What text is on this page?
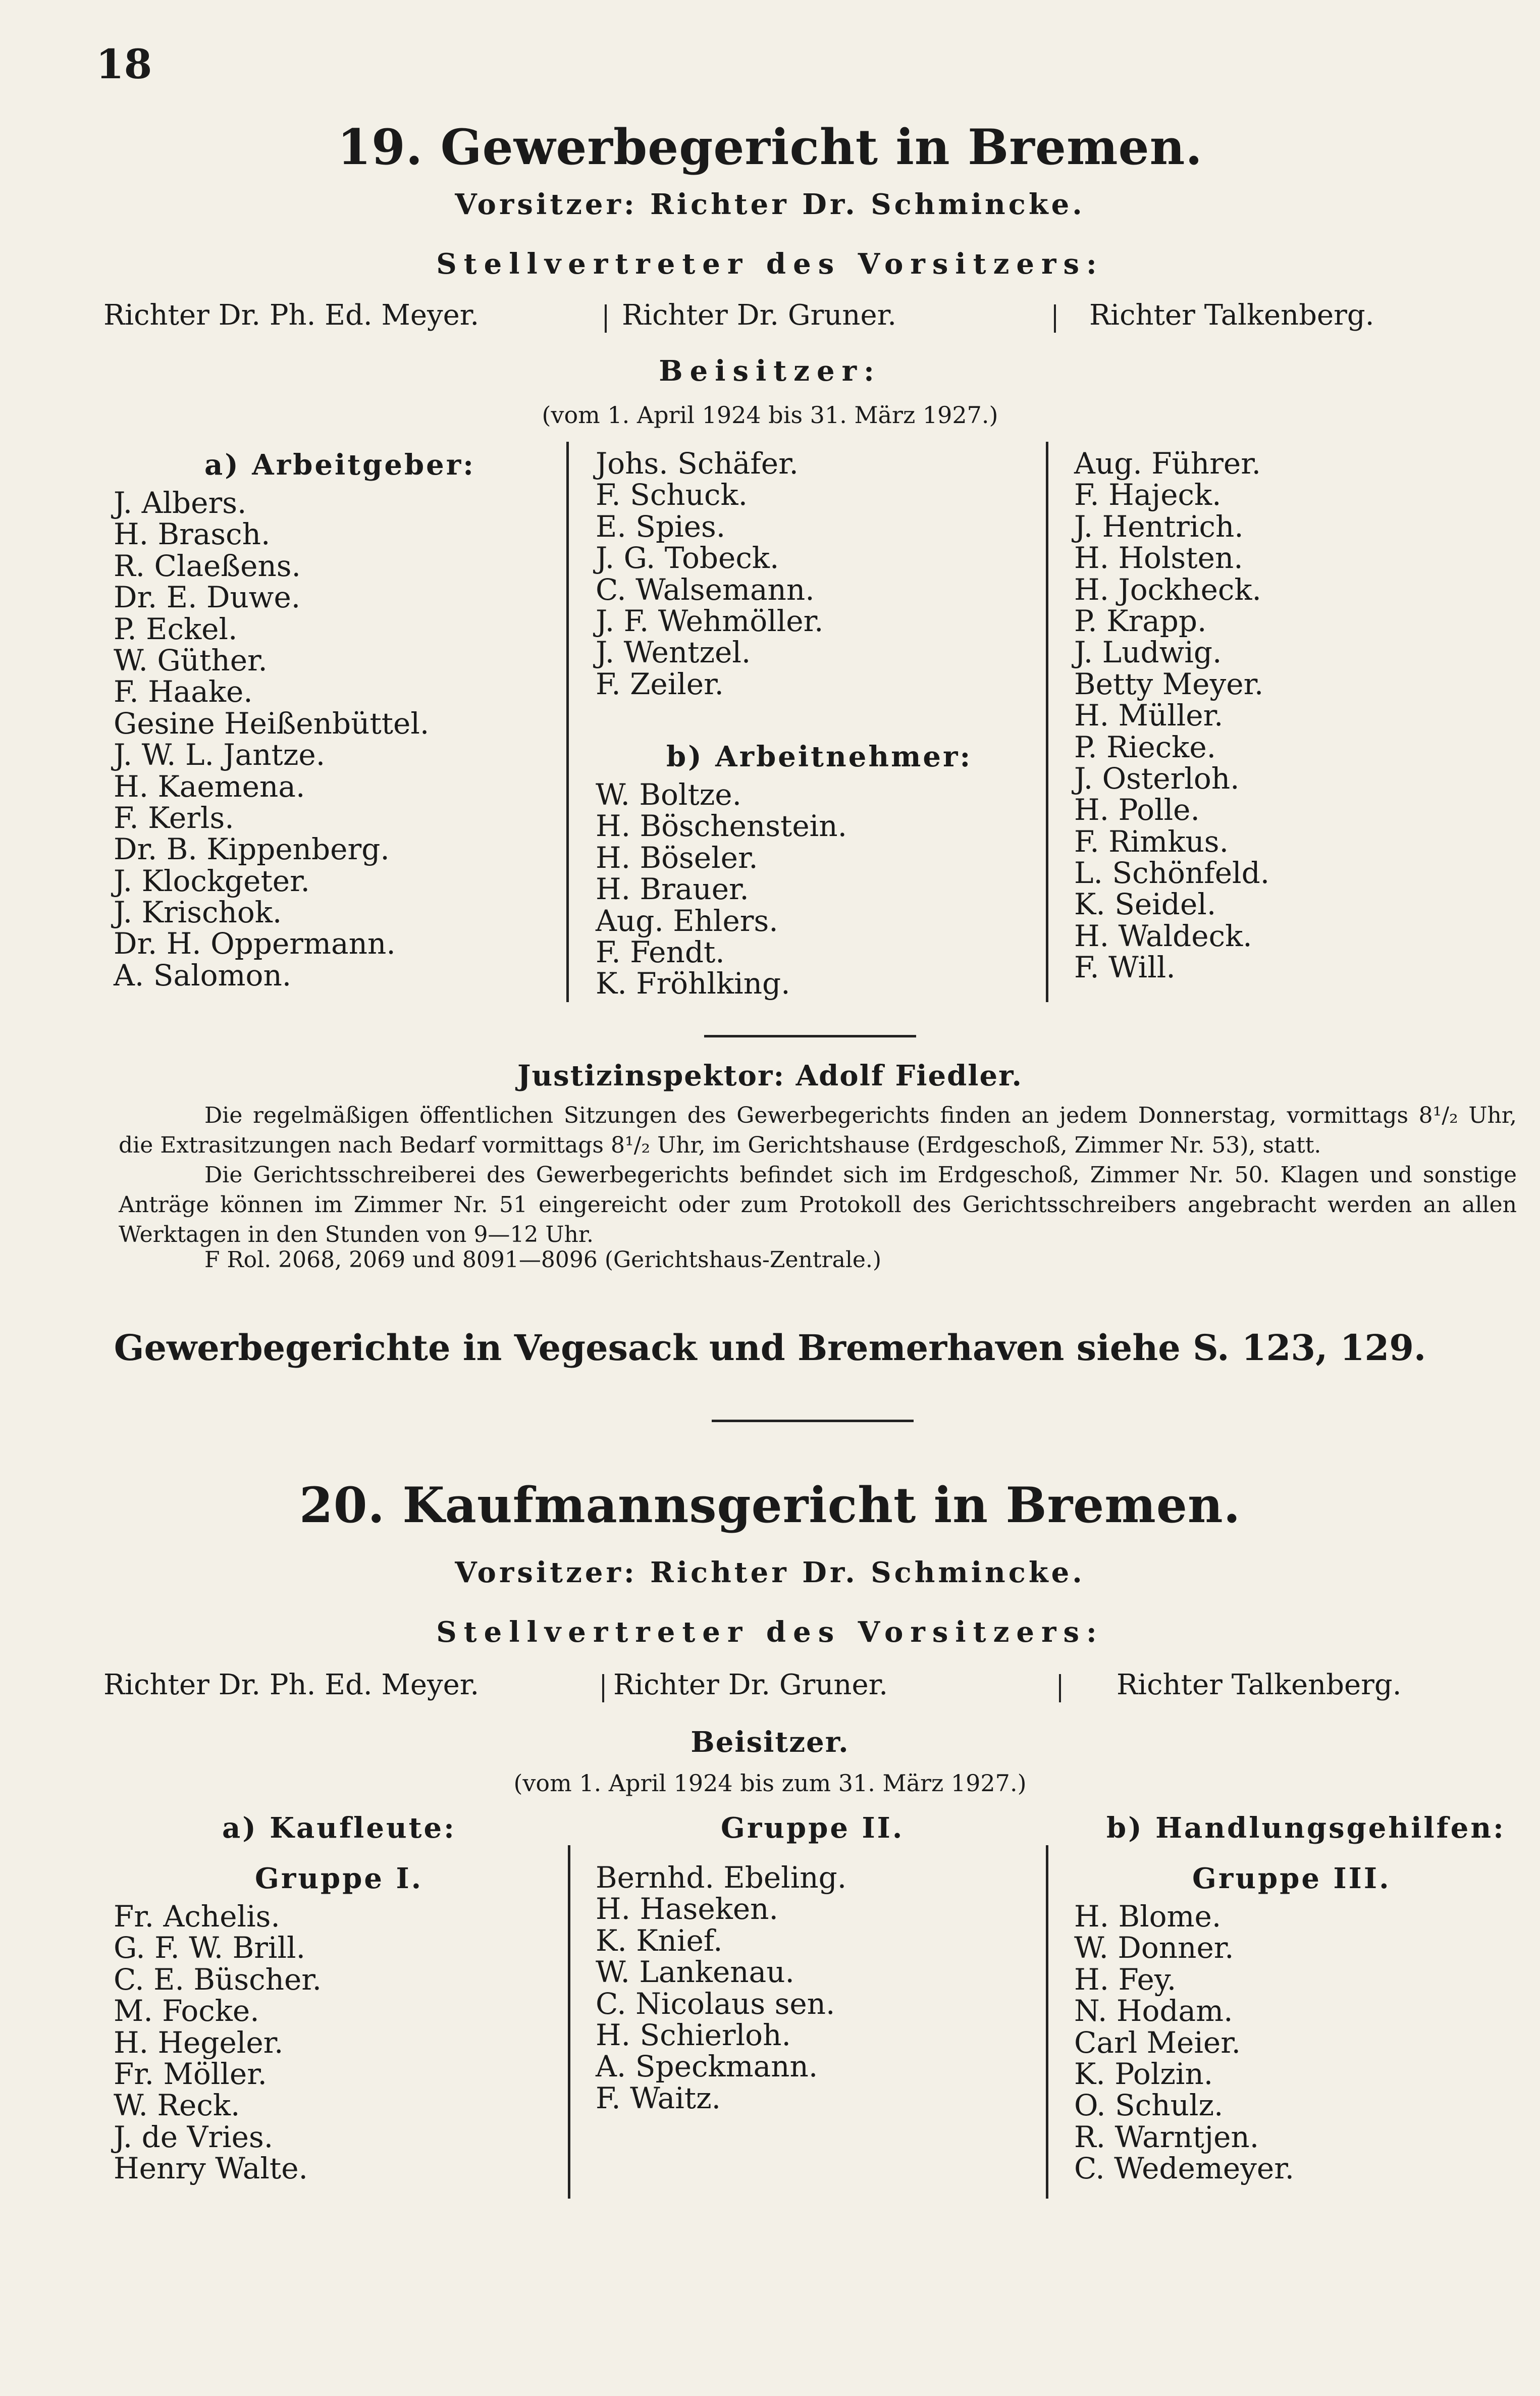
18
19. Gewerbegericht in Bremen.
Vorsitzer: Richter Dr. Schmincke.
Stellvertreter des Vorsitzers:
Richter Dr. Ph. Ed. Meyer.	Richter Dr. Gruner.	Richter Talkenberg.
Beisitzer:
(vom 1. April 1924 bis 31. März 1927.)
a) Arbeitgeber:
J. Albers.
H. Brasch.
R. Claeßens.
Dr. E. Duwe.
P. Eckel.
W. Güther.
F. Haake.
Gesine Heißenbüttel.
J. W. L. Jantze.
H. Kaemena.
F. Kerls.
Dr. B. Kippenberg.
J. Klockgeter.
J. Krischok.
Dr. H. Oppermann.
A. Salomon.
Johs. Schäfer.
F. Schuck.
E. Spies.
J. G. Tobeck.
C. Walsemann.
J. F. Wehmöller.
J. Wentzel.
F. Zeiler.
b) Arbeitnehmer:
W. Boltze.
H. Böschenstein.
H. Böseler.
H. Brauer.
Aug. Ehlers.
F. Fendt.
K. Fröhlking.
Aug. Führer.
F. Hajeck.
J. Hentrich.
H. Holsten.
H. Jockheck.
P. Krapp.
J. Ludwig.
Betty Meyer.
H. Müller.
P. Riecke.
J. Osterloh.
H. Polle.
F. Rimkus.
L. Schönfeld.
K. Seidel.
H. Waldeck.
F. Will.
Justizinspektor: Adolf Fiedler.
Die regelmäßigen öffentlichen Sitzungen des Gewerbegerichts finden an jedem Donnerstag, vormittags 8¹/₂ Uhr, die Extrasitzungen nach Bedarf vormittags 8¹/₂ Uhr, im Gerichtshause (Erdgeschoß, Zimmer Nr. 53), statt.
Die Gerichtsschreiberei des Gewerbegerichts befindet sich im Erdgeschoß, Zimmer Nr. 50. Klagen und sonstige Anträge können im Zimmer Nr. 51 eingereicht oder zum Protokoll des Gerichtsschreibers angebracht werden an allen Werktagen in den Stunden von 9—12 Uhr.
F Rol. 2068, 2069 und 8091—8096 (Gerichtshaus-Zentrale.)
Gewerbegerichte in Vegesack und Bremerhaven siehe S. 123, 129.
20. Kaufmannsgericht in Bremen.
Vorsitzer: Richter Dr. Schmincke.
Stellvertreter des Vorsitzers:
Richter Dr. Ph. Ed. Meyer.	Richter Dr. Gruner.	Richter Talkenberg.
Beisitzer.
(vom 1. April 1924 bis zum 31. März 1927.)
a) Kaufleute:	Gruppe II.	b) Handlungsgehilfen:
Gruppe I.	Gruppe III.
Fr. Achelis.
G. F. W. Brill.
C. E. Büscher.
M. Focke.
H. Hegeler.
Fr. Möller.
W. Reck.
J. de Vries.
Henry Walte.
Bernhd. Ebeling.
H. Haseken.
K. Knief.
W. Lankenau.
C. Nicolaus sen.
H. Schierloh.
A. Speckmann.
F. Waitz.
H. Blome.
W. Donner.
H. Fey.
N. Hodam.
Carl Meier.
K. Polzin.
O. Schulz.
R. Warntjen.
C. Wedemeyer.
